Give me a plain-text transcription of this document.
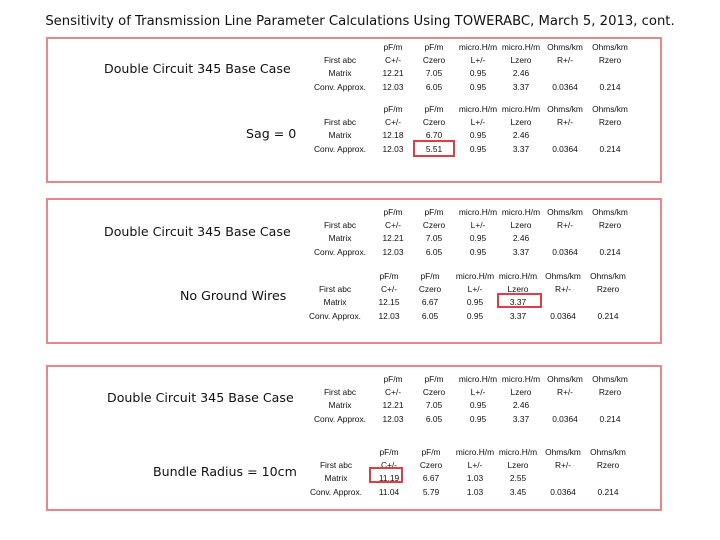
Sensitivity of Transmission Line Parameter Calculations Using TOWERABC, March 5, 2013, cont.
Double Circuit 345 Base Case
Sag = 0
Double Circuit 345 Base Case
No Ground Wires
Double Circuit 345 Base Case
Bundle Radius = 10cm
First abc
Matrix
Conv. Approx.
pF/m
C+/-
12.21
12.03
pF/m
Czero
7.05
6.05
micro.H/m
L+/-
0.95
0.95
micro.H/m
Lzero
2.46
3.37
Ohms/km
R+/-
0.0364
Ohms/km
Rzero
0.214
First abc
Matrix
Conv. Approx.
pF/m
C+/-
12.18
12.03
pF/m
Czero
6.70
5.51
micro.H/m
L+/-
0.95
0.95
micro.H/m
Lzero
2.46
3.37
Ohms/km
R+/-
0.0364
Ohms/km
Rzero
0.214
First abc
Matrix
Conv. Approx.
pF/m
C+/-
12.21
12.03
pF/m
Czero
7.05
6.05
micro.H/m
L+/-
0.95
0.95
micro.H/m
Lzero
2.46
3.37
Ohms/km
R+/-
0.0364
Ohms/km
Rzero
0.214
First abc
Matrix
Conv. Approx.
pF/m
C+/-
12.15
12.03
pF/m
Czero
6.67
6.05
micro.H/m
L+/-
0.95
0.95
micro.H/m
Lzero
3.37
3.37
Ohms/km
R+/-
0.0364
Ohms/km
Rzero
0.214
First abc
Matrix
Conv. Approx.
pF/m
C+/-
12.21
12.03
pF/m
Czero
7.05
6.05
micro.H/m
L+/-
0.95
0.95
micro.H/m
Lzero
2.46
3.37
Ohms/km
R+/-
0.0364
Ohms/km
Rzero
0.214
First abc
Matrix
Conv. Approx.
pF/m
C+/-
11.19
11.04
pF/m
Czero
6.67
5.79
micro.H/m
L+/-
1.03
1.03
micro.H/m
Lzero
2.55
3.45
Ohms/km
R+/-
0.0364
Ohms/km
Rzero
0.214
